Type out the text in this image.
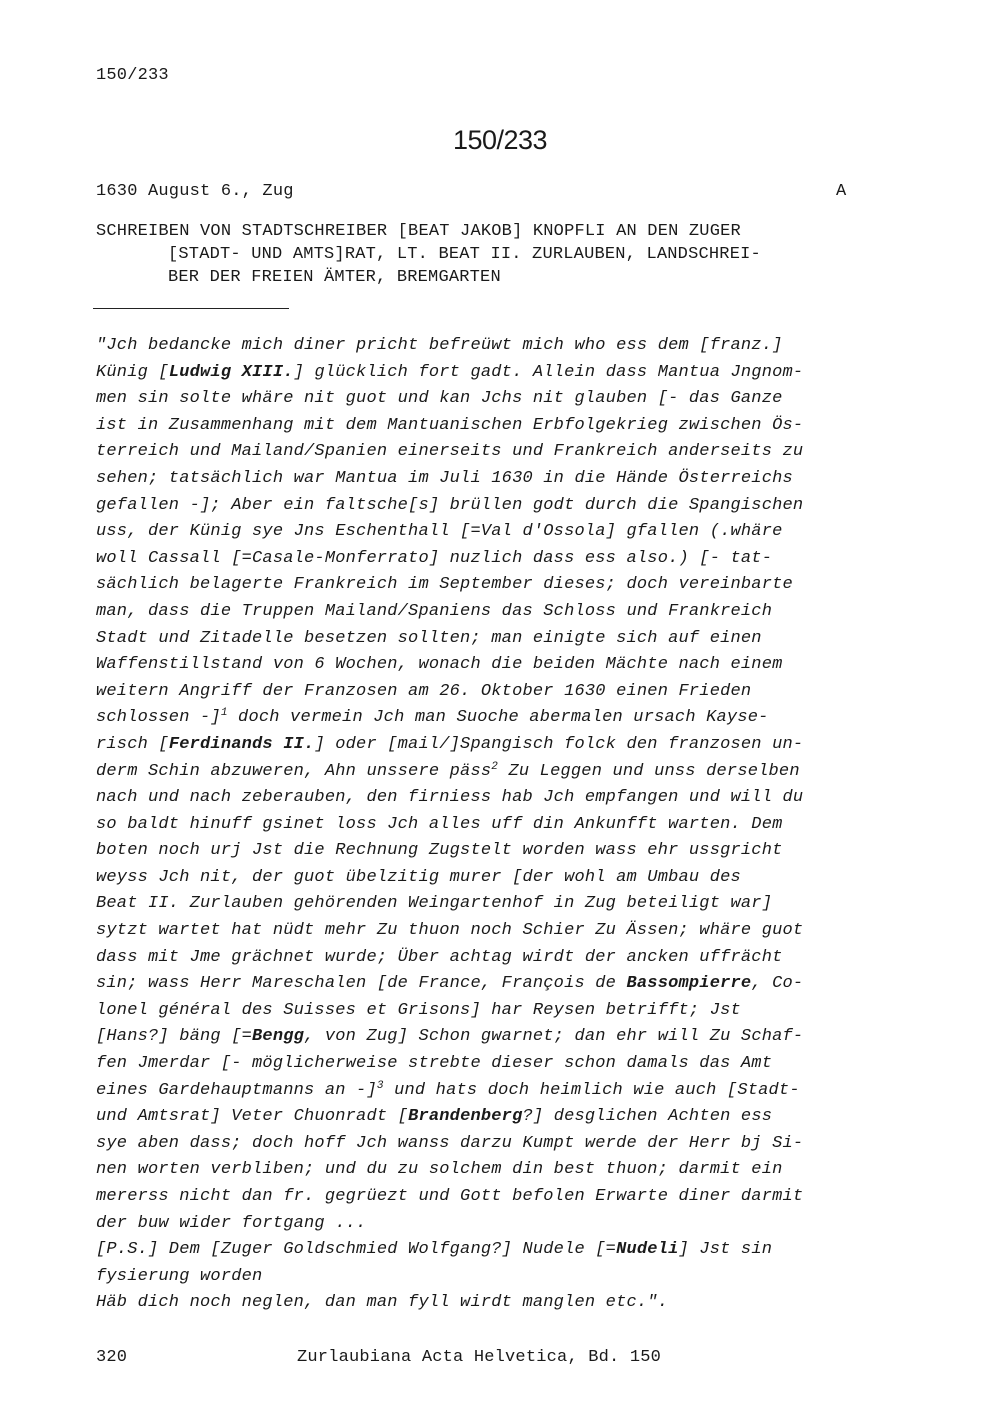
150/233
150/233
1630 August 6., Zug	A
SCHREIBEN VON STADTSCHREIBER [BEAT JAKOB] KNOPFLI AN DEN ZUGER
[STADT- UND AMTS]RAT, LT. BEAT II. ZURLAUBEN, LANDSCHREI-
BER DER FREIEN ÄMTER, BREMGARTEN
"Jch bedancke mich diner pricht befreüwt mich who ess dem [franz.]
Künig [Ludwig XIII.] glücklich fort gadt. Allein dass Mantua Jngnom-
men sin solte whäre nit guot und kan Jchs nit glauben [- das Ganze
ist in Zusammenhang mit dem Mantuanischen Erbfolgekrieg zwischen Ös-
terreich und Mailand/Spanien einerseits und Frankreich anderseits zu
sehen; tatsächlich war Mantua im Juli 1630 in die Hände Österreichs
gefallen -]; Aber ein faltsche[s] brüllen godt durch die Spangischen
uss, der Künig sye Jns Eschenthall [=Val d'Ossola] gfallen (.whäre
woll Cassall [=Casale-Monferrato] nuzlich dass ess also.) [- tat-
sächlich belagerte Frankreich im September dieses; doch vereinbarte
man, dass die Truppen Mailand/Spaniens das Schloss und Frankreich
Stadt und Zitadelle besetzen sollten; man einigte sich auf einen
Waffenstillstand von 6 Wochen, wonach die beiden Mächte nach einem
weitern Angriff der Franzosen am 26. Oktober 1630 einen Frieden
schlossen -]$^1$ doch vermein Jch man Suoche abermalen ursach Kayse-
risch [Ferdinands II.] oder [mail/]Spangisch folck den franzosen un-
derm Schin abzuweren, Ahn unssere päss$^2$ Zu Leggen und unss derselben
nach und nach zeberauben, den firniess hab Jch empfangen und will du
so baldt hinuff gsinet loss Jch alles uff din Ankunfft warten. Dem
boten noch urj Jst die Rechnung Zugstelt worden wass ehr ussgricht
weyss Jch nit, der guot übelzitig murer [der wohl am Umbau des
Beat II. Zurlauben gehörenden Weingartenhof in Zug beteiligt war]
sytzt wartet hat nüdt mehr Zu thuon noch Schier Zu Ässen; whäre guot
dass mit Jme grächnet wurde; Über achtag wirdt der ancken uffrächt
sin; wass Herr Mareschalen [de France, François de Bassompierre, Co-
lonel général des Suisses et Grisons] har Reysen betrifft; Jst
[Hans?] bäng [=Bengg, von Zug] Schon gwarnet; dan ehr will Zu Schaf-
fen Jmerdar [- möglicherweise strebte dieser schon damals das Amt
eines Gardehauptmanns an -]$^3$ und hats doch heimlich wie auch [Stadt-
und Amtsrat] Veter Chuonradt [Brandenberg?] desglichen Achten ess
sye aben dass; doch hoff Jch wanss darzu Kumpt werde der Herr bj Si-
nen worten verbliben; und du zu solchem din best thuon; darmit ein
mererss nicht dan fr. gegrüezt und Gott befolen Erwarte diner darmit
der buw wider fortgang ...
[P.S.] Dem [Zuger Goldschmied Wolfgang?] Nudele [=Nudeli] Jst sin
fysierung worden
Häb dich noch neglen, dan man fyll wirdt manglen etc.".
320	Zurlaubiana Acta Helvetica, Bd. 150
